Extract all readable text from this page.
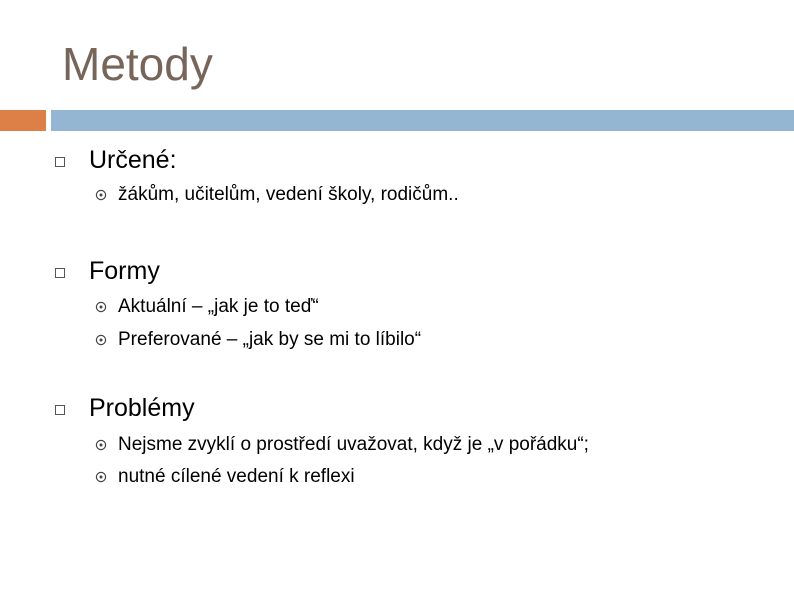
Metody
Určené:
žákům, učitelům, vedení školy, rodičům..
Formy
Aktuální – „jak je to teď“
Preferované – „jak by se mi to líbilo“
Problémy
Nejsme zvyklí o prostředí uvažovat, když je „v pořádku“;
nutné cílené vedení k reflexi
